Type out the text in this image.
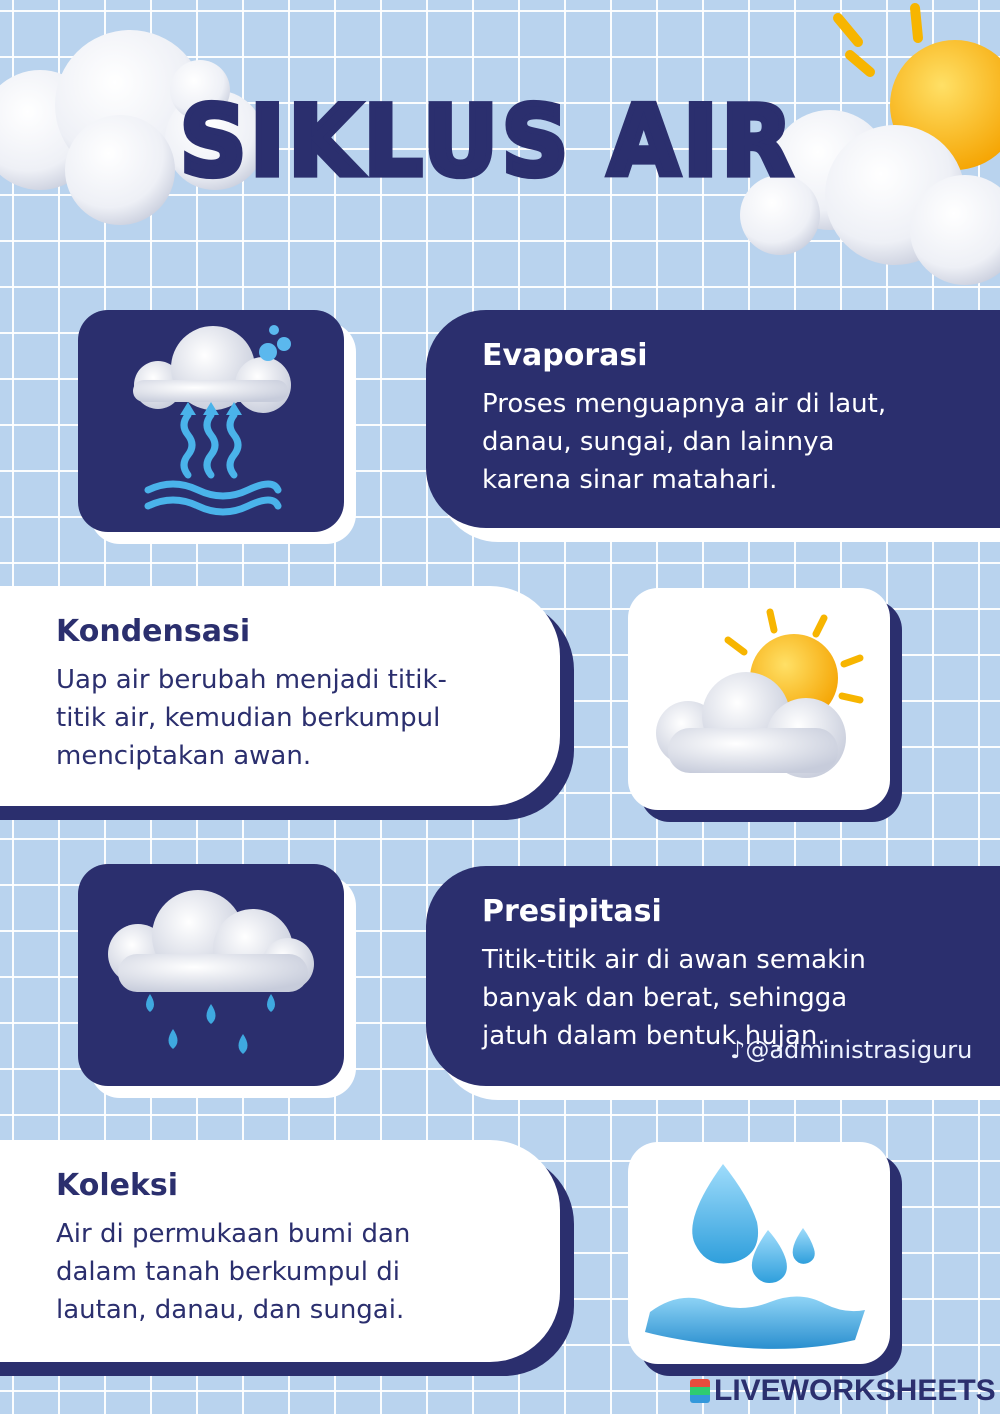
SIKLUS AIR
Evaporasi

Proses menguapnya air di laut,
danau, sungai, dan lainnya
karena sinar matahari.

Kondensasi

Uap air berubah menjadi titik-
titik air, kemudian berkumpul
menciptakan awan.

Presipitasi

Titik-titik air di awan semakin
banyak dan berat, sehingga
jatuh dalam bentuk hujan.

♪@administrasiguru
Koleksi

Air di permukaan bumi dan
dalam tanah berkumpul di
lautan, danau, dan sungai.

LIVEWORKSHEETS
